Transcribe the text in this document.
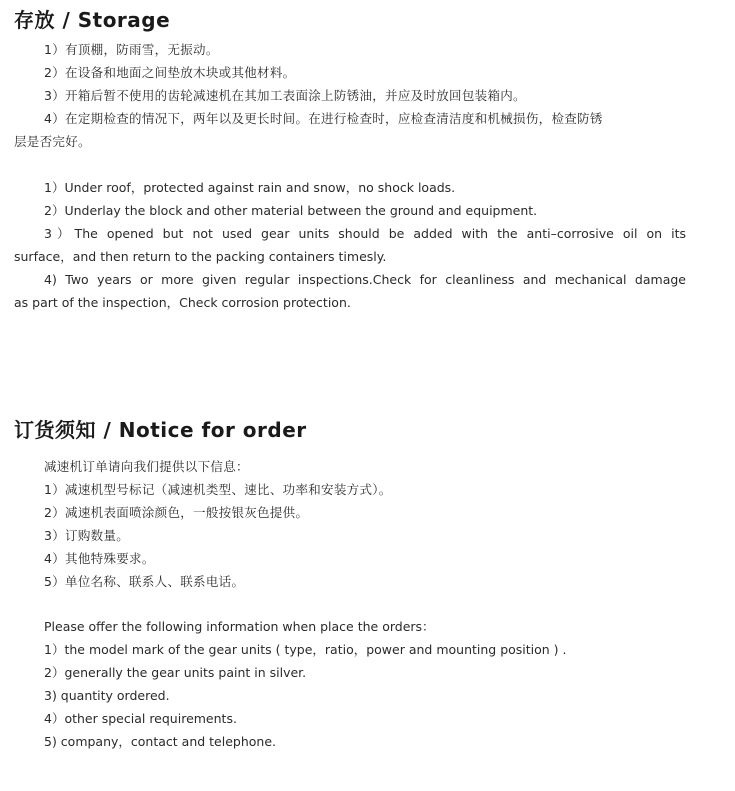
存放 / Storage
1）有顶棚，防雨雪，无振动。
2）在设备和地面之间垫放木块或其他材料。
3）开箱后暂不使用的齿轮减速机在其加工表面涂上防锈油，并应及时放回包装箱内。
4）在定期检查的情况下，两年以及更长时间。在进行检查时，应检查清洁度和机械损伤，检查防锈
层是否完好。
1）Under roof，protected against rain and snow，no shock loads.
2）Underlay the block and other material between the ground and equipment.
3）The opened but not used gear units should be added with the anti–corrosive oil on its
surface，and then return to the packing containers timesly.
4) Two years or more given regular inspections.Check for cleanliness and mechanical damage
as part of the inspection，Check corrosion protection.
订货须知 / Notice for order
减速机订单请向我们提供以下信息：
1）减速机型号标记（减速机类型、速比、功率和安装方式）。
2）减速机表面喷涂颜色，一般按银灰色提供。
3）订购数量。
4）其他特殊要求。
5）单位名称、联系人、联系电话。
Please offer the following information when place the orders：
1）the model mark of the gear units ( type，ratio，power and mounting position ) .
2）generally the gear units paint in silver.
3) quantity ordered.
4）other special requirements.
5) company，contact and telephone.
